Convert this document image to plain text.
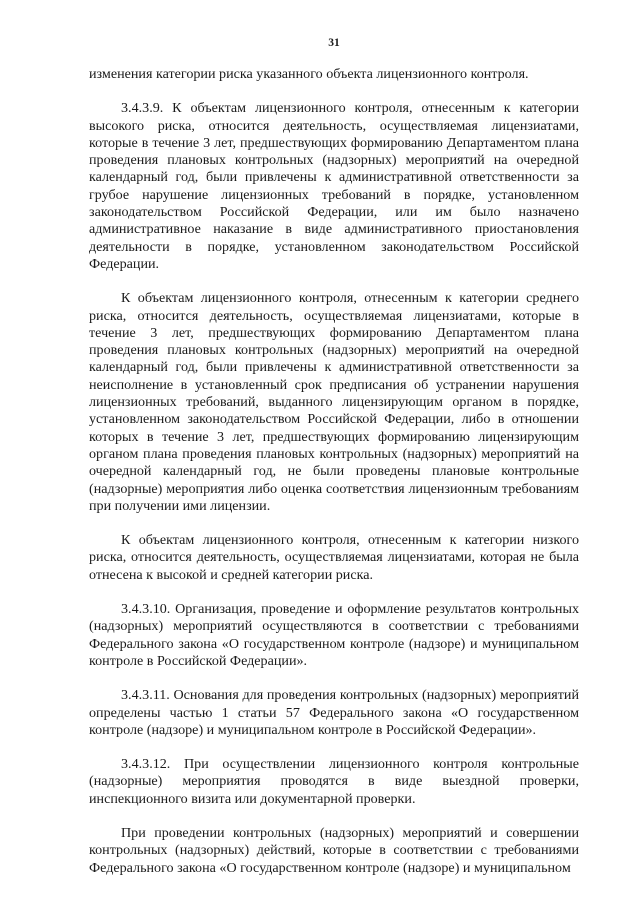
31

изменения категории риска указанного объекта лицензионного контроля.

3.4.3.9. К объектам лицензионного контроля, отнесенным к категории высокого риска, относится деятельность, осуществляемая лицензиатами, которые в течение 3 лет, предшествующих формированию Департаментом плана проведения плановых контрольных (надзорных) мероприятий на очередной календарный год, были привлечены к административной ответственности за грубое нарушение лицензионных требований в порядке, установленном законодательством Российской Федерации, или им было назначено административное наказание в виде административного приостановления деятельности в порядке, установленном законодательством Российской Федерации.

К объектам лицензионного контроля, отнесенным к категории среднего риска, относится деятельность, осуществляемая лицензиатами, которые в течение 3 лет, предшествующих формированию Департаментом плана проведения плановых контрольных (надзорных) мероприятий на очередной календарный год, были привлечены к административной ответственности за неисполнение в установленный срок предписания об устранении нарушения лицензионных требований, выданного лицензирующим органом в порядке, установленном законодательством Российской Федерации, либо в отношении которых в течение 3 лет, предшествующих формированию лицензирующим органом плана проведения плановых контрольных (надзорных) мероприятий на очередной календарный год, не были проведены плановые контрольные (надзорные) мероприятия либо оценка соответствия лицензионным требованиям при получении ими лицензии.

К объектам лицензионного контроля, отнесенным к категории низкого риска, относится деятельность, осуществляемая лицензиатами, которая не была отнесена к высокой и средней категории риска.

3.4.3.10. Организация, проведение и оформление результатов контрольных (надзорных) мероприятий осуществляются в соответствии с требованиями Федерального закона «О государственном контроле (надзоре) и муниципальном контроле в Российской Федерации».

3.4.3.11. Основания для проведения контрольных (надзорных) мероприятий определены частью 1 статьи 57 Федерального закона «О государственном контроле (надзоре) и муниципальном контроле в Российской Федерации».

3.4.3.12. При осуществлении лицензионного контроля контрольные (надзорные) мероприятия проводятся в виде выездной проверки, инспекционного визита или документарной проверки.

При проведении контрольных (надзорных) мероприятий и совершении контрольных (надзорных) действий, которые в соответствии с требованиями Федерального закона «О государственном контроле (надзоре) и муниципальном
